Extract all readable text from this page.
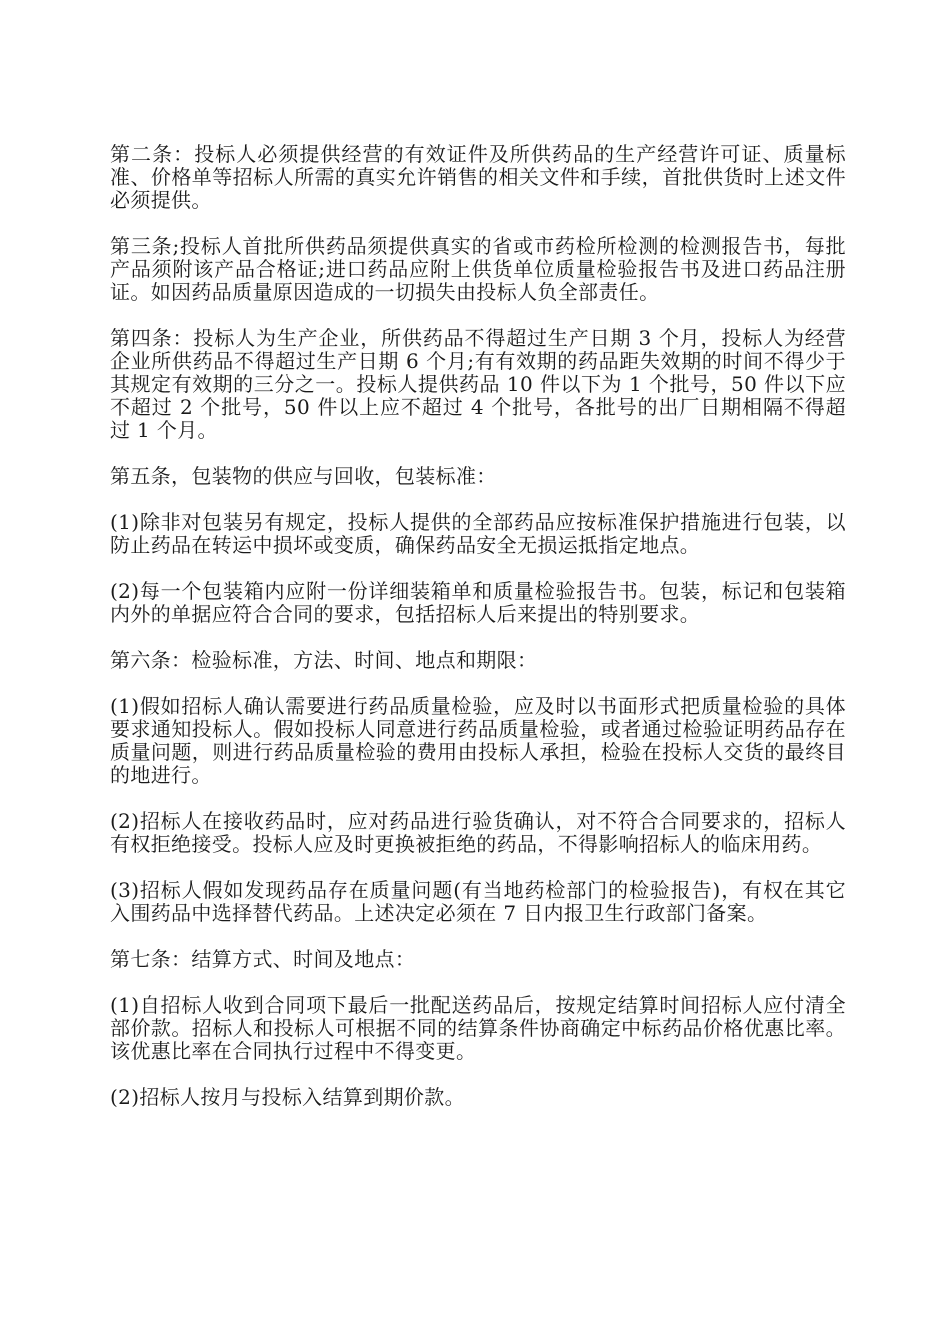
第二条：投标人必须提供经营的有效证件及所供药品的生产经营许可证、质量标准、价格单等招标人所需的真实允许销售的相关文件和手续，首批供货时上述文件必须提供。

第三条;投标人首批所供药品须提供真实的省或市药检所检测的检测报告书，每批产品须附该产品合格证;进口药品应附上供货单位质量检验报告书及进口药品注册证。如因药品质量原因造成的一切损失由投标人负全部责任。

第四条：投标人为生产企业，所供药品不得超过生产日期 3 个月，投标人为经营企业所供药品不得超过生产日期 6 个月;有有效期的药品距失效期的时间不得少于其规定有效期的三分之一。投标人提供药品 10 件以下为 1 个批号，50 件以下应不超过 2 个批号，50 件以上应不超过 4 个批号，各批号的出厂日期相隔不得超过 1 个月。

第五条，包装物的供应与回收，包装标准：

(1)除非对包装另有规定，投标人提供的全部药品应按标准保护措施进行包装，以防止药品在转运中损坏或变质，确保药品安全无损运抵指定地点。

(2)每一个包装箱内应附一份详细装箱单和质量检验报告书。包装，标记和包装箱内外的单据应符合合同的要求，包括招标人后来提出的特别要求。

第六条：检验标准，方法、时间、地点和期限：

(1)假如招标人确认需要进行药品质量检验，应及时以书面形式把质量检验的具体要求通知投标人。假如投标人同意进行药品质量检验，或者通过检验证明药品存在质量问题，则进行药品质量检验的费用由投标人承担，检验在投标人交货的最终目的地进行。

(2)招标人在接收药品时，应对药品进行验货确认，对不符合合同要求的，招标人有权拒绝接受。投标人应及时更换被拒绝的药品，不得影响招标人的临床用药。

(3)招标人假如发现药品存在质量问题(有当地药检部门的检验报告)，有权在其它入围药品中选择替代药品。上述决定必须在 7 日内报卫生行政部门备案。

第七条：结算方式、时间及地点：

(1)自招标人收到合同项下最后一批配送药品后，按规定结算时间招标人应付清全部价款。招标人和投标人可根据不同的结算条件协商确定中标药品价格优惠比率。该优惠比率在合同执行过程中不得变更。

(2)招标人按月与投标入结算到期价款。
